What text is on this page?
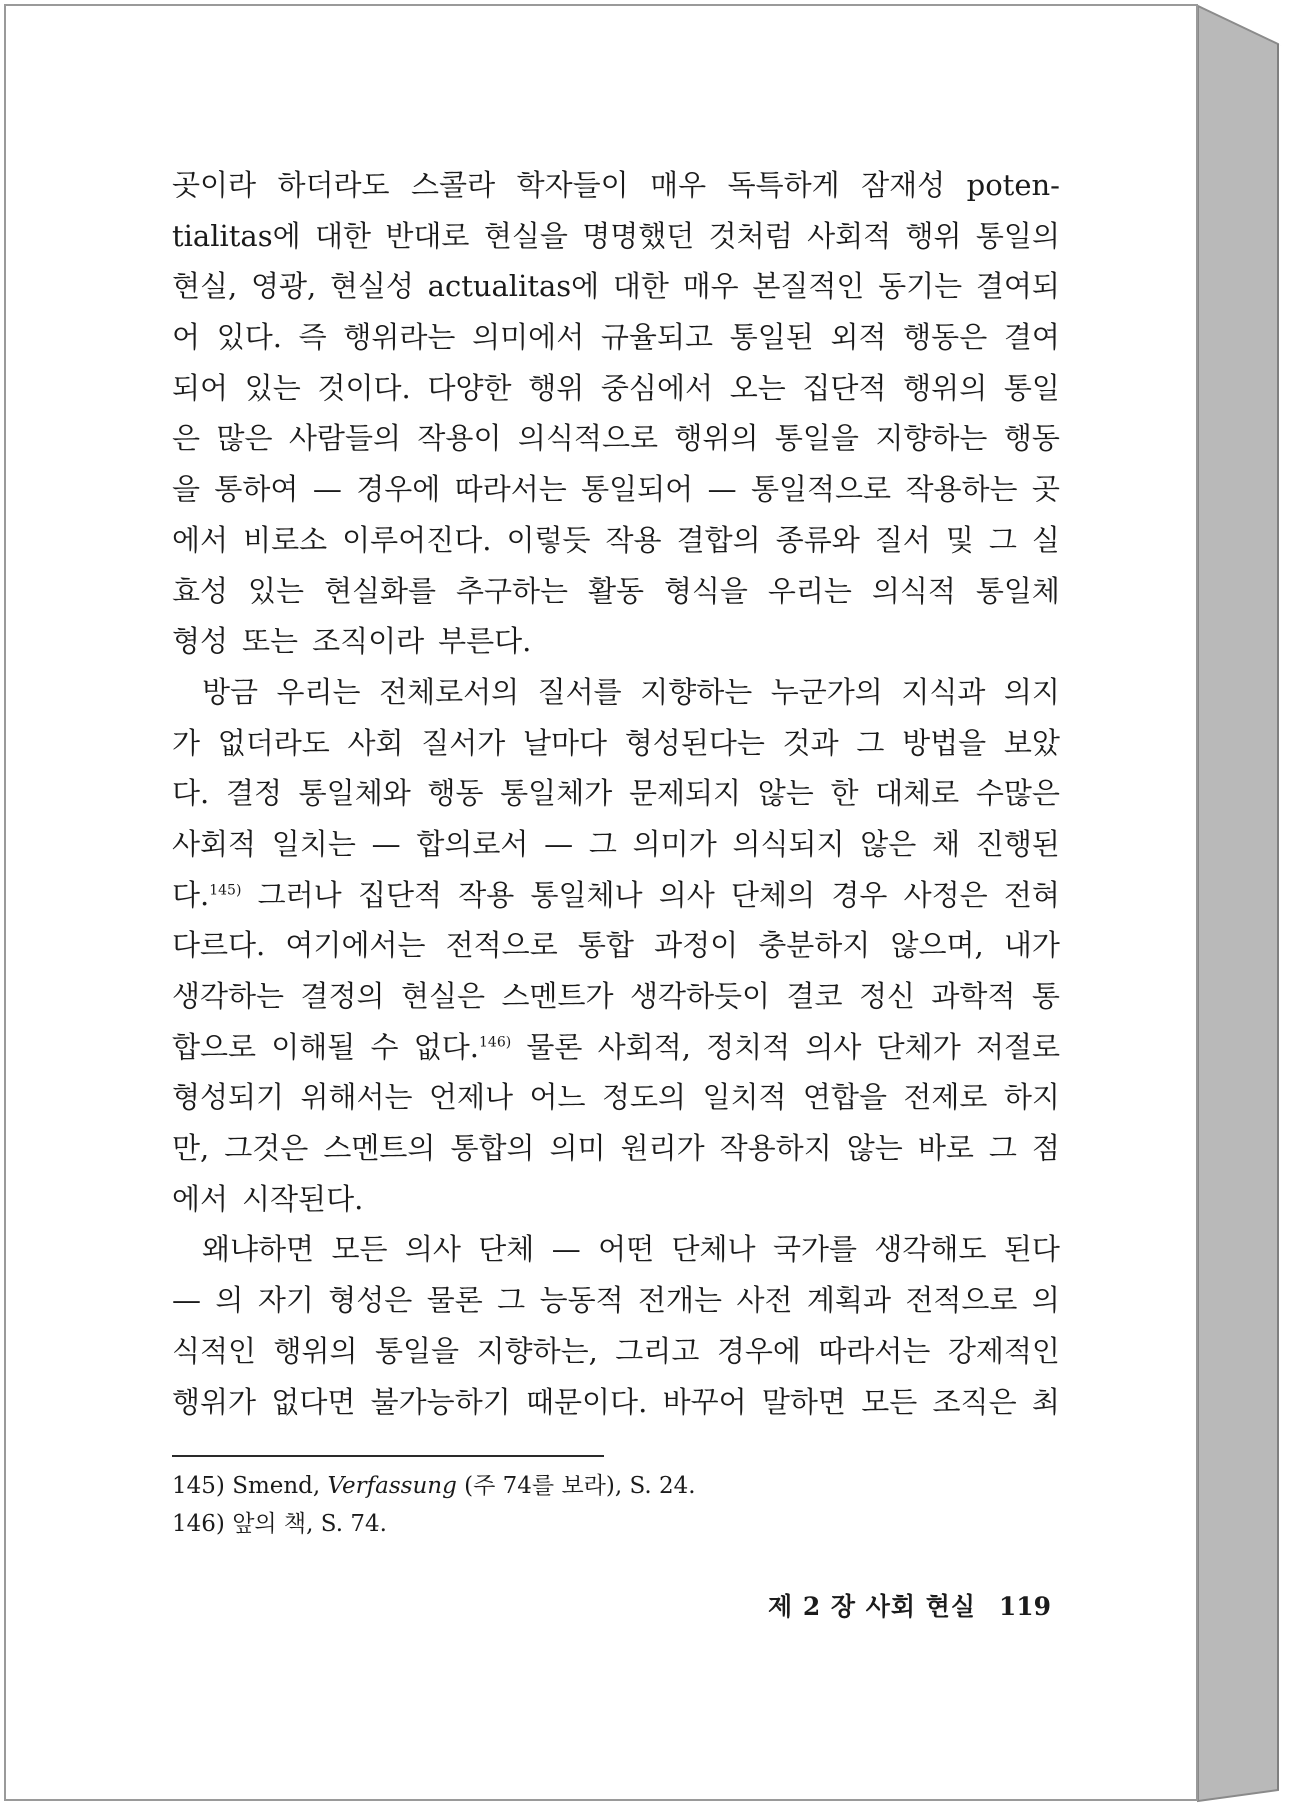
곳이라 하더라도 스콜라 학자들이 매우 독특하게 잠재성 poten-
tialitas에 대한 반대로 현실을 명명했던 것처럼 사회적 행위 통일의
현실, 영광, 현실성 actualitas에 대한 매우 본질적인 동기는 결여되
어 있다. 즉 행위라는 의미에서 규율되고 통일된 외적 행동은 결여
되어 있는 것이다. 다양한 행위 중심에서 오는 집단적 행위의 통일
은 많은 사람들의 작용이 의식적으로 행위의 통일을 지향하는 행동
을 통하여 — 경우에 따라서는 통일되어 — 통일적으로 작용하는 곳
에서 비로소 이루어진다. 이렇듯 작용 결합의 종류와 질서 및 그 실
효성 있는 현실화를 추구하는 활동 형식을 우리는 의식적 통일체
형성 또는 조직이라 부른다.
방금 우리는 전체로서의 질서를 지향하는 누군가의 지식과 의지
가 없더라도 사회 질서가 날마다 형성된다는 것과 그 방법을 보았
다. 결정 통일체와 행동 통일체가 문제되지 않는 한 대체로 수많은
사회적 일치는 — 합의로서 — 그 의미가 의식되지 않은 채 진행된
다.$^{145)}$ 그러나 집단적 작용 통일체나 의사 단체의 경우 사정은 전혀
다르다. 여기에서는 전적으로 통합 과정이 충분하지 않으며, 내가
생각하는 결정의 현실은 스멘트가 생각하듯이 결코 정신 과학적 통
합으로 이해될 수 없다.$^{146)}$ 물론 사회적, 정치적 의사 단체가 저절로
형성되기 위해서는 언제나 어느 정도의 일치적 연합을 전제로 하지
만, 그것은 스멘트의 통합의 의미 원리가 작용하지 않는 바로 그 점
에서 시작된다.
왜냐하면 모든 의사 단체 — 어떤 단체나 국가를 생각해도 된다
— 의 자기 형성은 물론 그 능동적 전개는 사전 계획과 전적으로 의
식적인 행위의 통일을 지향하는, 그리고 경우에 따라서는 강제적인
행위가 없다면 불가능하기 때문이다. 바꾸어 말하면 모든 조직은 최
145) Smend, Verfassung (주 74를 보라), S. 24.
146) 앞의 책, S. 74.
제 2 장 사회 현실 119
